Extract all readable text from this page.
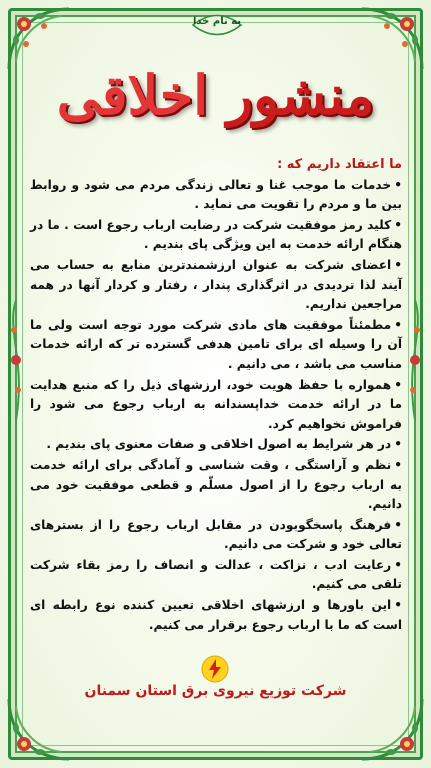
به نام خدا
منشور اخلاقی
ما اعتقاد داریم که :
•خدمات ما موجب غنا و تعالی زندگی مردم می شود و روابط بین ما و مردم را تقویت می نماید .
•کلید رمز موفقیت شرکت در رضایت ارباب رجوع است . ما در هنگام ارائه خدمت به این ویژگی پای بندیم .
•اعضای شرکت به عنوان ارزشمندترین منابع به حساب می آیند لذا تردیدی در اثرگذاری پندار ، رفتار و کردار آنها در همه مراجعین نداریم.
•مطمئناً موفقیت های مادی شرکت مورد توجه است ولی ما آن را وسیله ای برای تامین هدفی گسترده تر که ارائه خدمات مناسب می باشد ، می دانیم .
•همواره با حفظ هویت خود، ارزشهای ذیل را که منبع هدایت ما در ارائه خدمت خداپسندانه به ارباب رجوع می شود را فراموش نخواهیم کرد.
•در هر شرایط به اصول اخلاقی و صفات معنوی پای بندیم .
•نظم و آراستگی ، وقت شناسی و آمادگی برای ارائه خدمت به ارباب رجوع را از اصول مسلّم و قطعی موفقیت خود می دانیم.
•فرهنگ پاسخگوبودن در مقابل ارباب رجوع را از بسترهای تعالی خود و شرکت می دانیم.
•رعایت ادب ، نزاکت ، عدالت و انصاف را رمز بقاء شرکت تلقی می کنیم.
•این باورها و ارزشهای اخلاقی تعیین کننده نوع رابطه ای است که ما با ارباب رجوع برقرار می کنیم.
شرکت توزیع نیروی برق استان سمنان
